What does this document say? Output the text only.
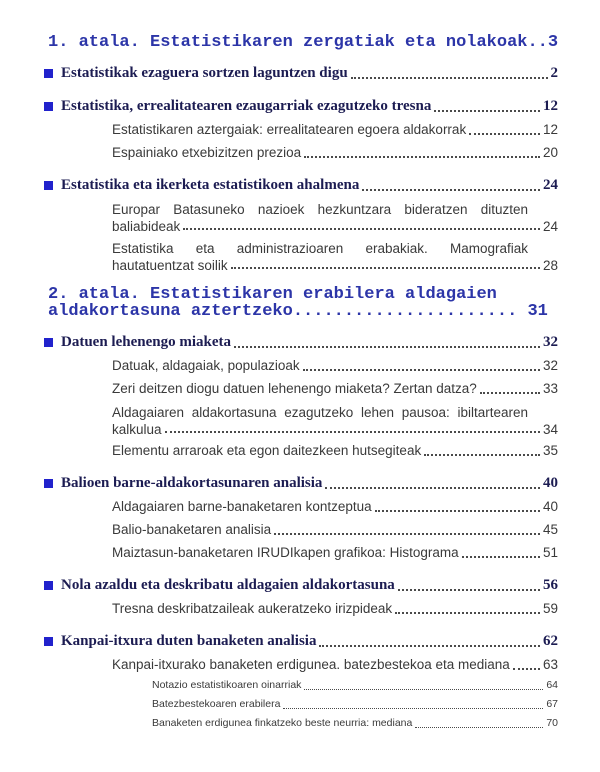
1. atala. Estatistikaren zergatiak eta nolakoak..3
Estatistikak ezaguera sortzen laguntzen digu	2
Estatistika, errealitatearen ezaugarriak ezagutzeko tresna	12
Estatistikaren aztergaiak: errealitatearen egoera aldakorrak	12
Espainiako etxebizitzen prezioa	20
Estatistika eta ikerketa estatistikoen ahalmena	24
Europar Batasuneko nazioek hezkuntzara bideratzen dituzten
baliabideak	24
Estatistika eta administrazioaren erabakiak. Mamografiak
hautatuentzat soilik	28
2. atala. Estatistikaren erabilera aldagaien
aldakortasuna aztertzeko...................... 31
Datuen lehenengo miaketa	32
Datuak, aldagaiak, populazioak	32
Zeri deitzen diogu datuen lehenengo miaketa? Zertan datza?	33
Aldagaiaren aldakortasuna ezagutzeko lehen pausoa: ibiltartearen
kalkulua	34
Elementu arraroak eta egon daitezkeen hutsegiteak	35
Balioen barne-aldakortasunaren analisia	40
Aldagaiaren barne-banaketaren kontzeptua	40
Balio-banaketaren analisia	45
Maiztasun-banaketaren IRUDIkapen grafikoa: Histograma	51
Nola azaldu eta deskribatu aldagaien aldakortasuna	56
Tresna deskribatzaileak aukeratzeko irizpideak	59
Kanpai-itxura duten banaketen analisia	62
Kanpai-itxurako banaketen erdigunea. batezbestekoa eta mediana 63
Notazio estatistikoaren oinarriak	64
Batezbestekoaren erabilera	67
Banaketen erdigunea finkatzeko beste neurria: mediana	70
